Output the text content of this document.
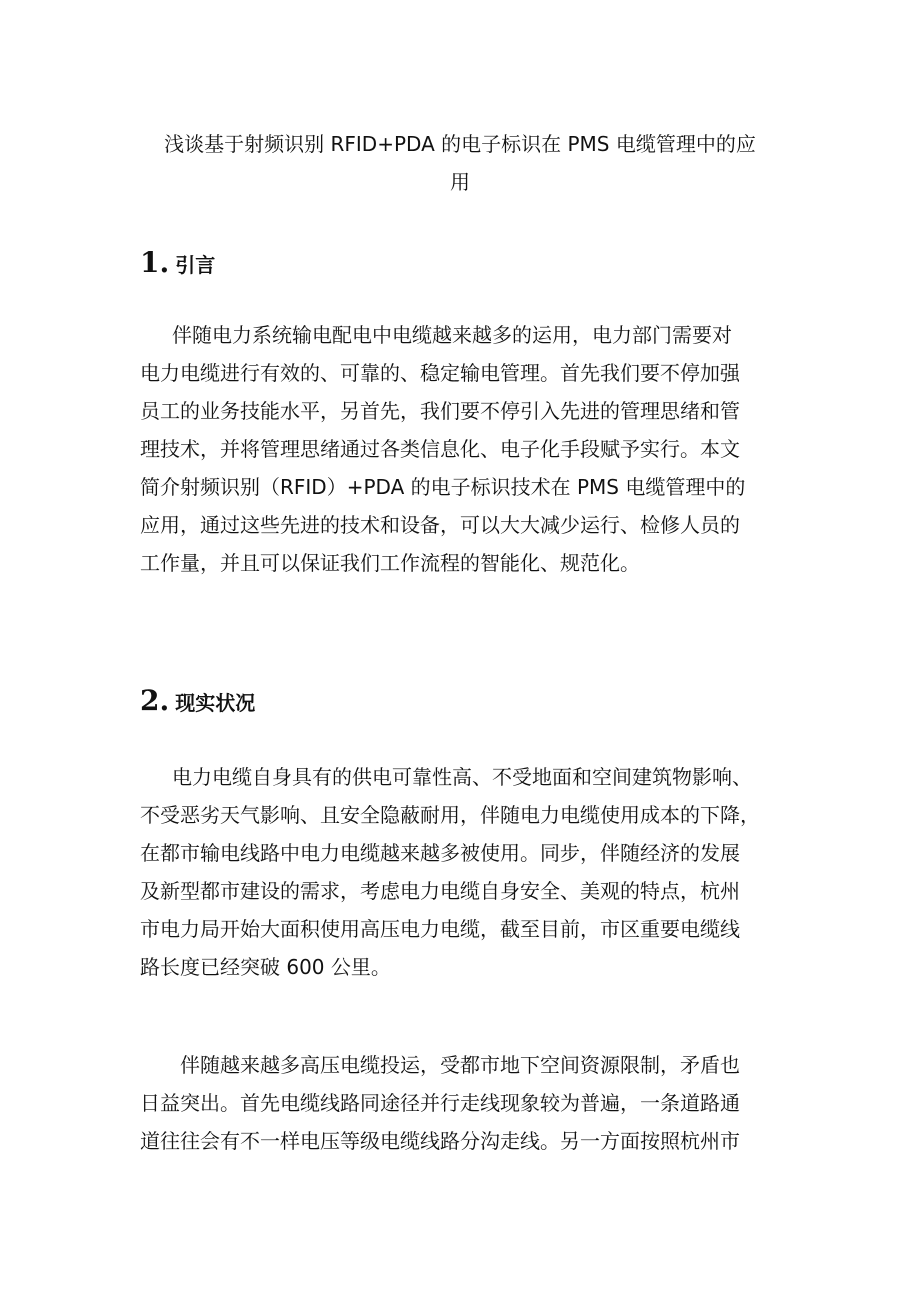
浅谈基于射频识别 RFID+PDA 的电子标识在 PMS 电缆管理中的应
用
1. 引言
伴随电力系统输电配电中电缆越来越多的运用，电力部门需要对
电力电缆进行有效的、可靠的、稳定输电管理。首先我们要不停加强
员工的业务技能水平，另首先，我们要不停引入先进的管理思绪和管
理技术，并将管理思绪通过各类信息化、电子化手段赋予实行。本文
简介射频识别（RFID）+PDA 的电子标识技术在 PMS 电缆管理中的
应用，通过这些先进的技术和设备，可以大大减少运行、检修人员的
工作量，并且可以保证我们工作流程的智能化、规范化。
2. 现实状况
电力电缆自身具有的供电可靠性高、不受地面和空间建筑物影响、
不受恶劣天气影响、且安全隐蔽耐用，伴随电力电缆使用成本的下降，
在都市输电线路中电力电缆越来越多被使用。同步，伴随经济的发展
及新型都市建设的需求，考虑电力电缆自身安全、美观的特点，杭州
市电力局开始大面积使用高压电力电缆，截至目前，市区重要电缆线
路长度已经突破 600 公里。
伴随越来越多高压电缆投运，受都市地下空间资源限制，矛盾也
日益突出。首先电缆线路同途径并行走线现象较为普遍，一条道路通
道往往会有不一样电压等级电缆线路分沟走线。另一方面按照杭州市
